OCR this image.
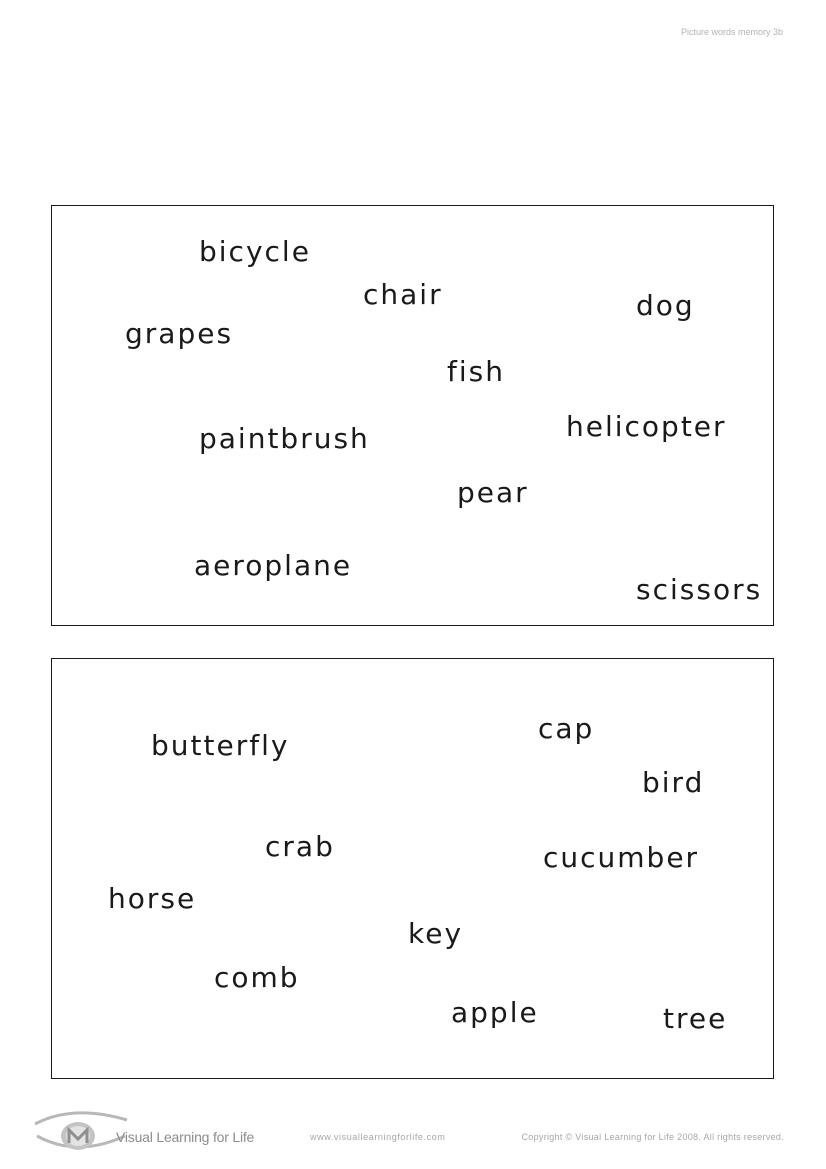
Picture words memory 3b
bicycle
chair	dog
grapes
fish
paintbrush	helicopter
pear
aeroplane
scissors
butterfly
cap
bird
crab	cucumber
horse
key
comb
apple	tree
Visual Learning for Life	www.visuallearningforlife.com	Copyright © Visual Learning for Life 2008. All rights reserved.
